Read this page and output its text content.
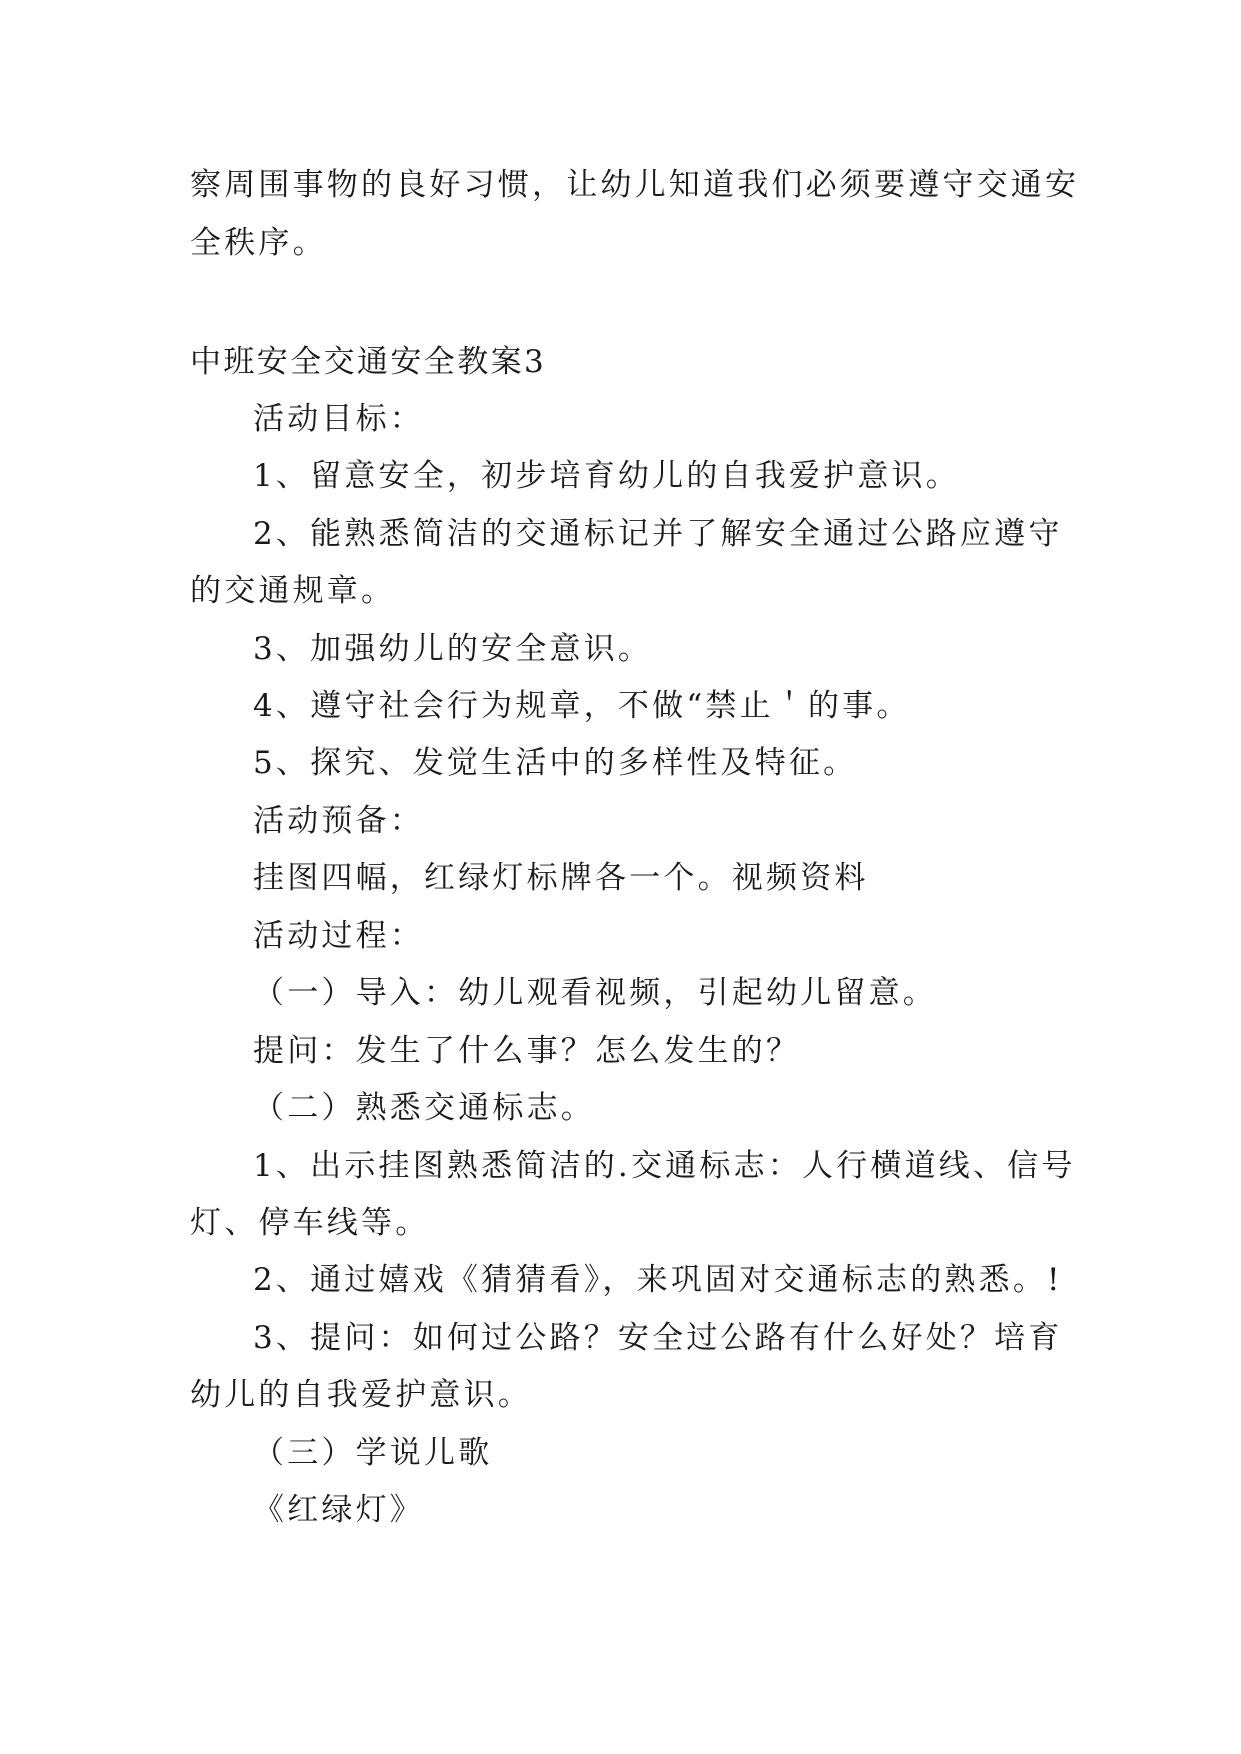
察周围事物的良好习惯，让幼儿知道我们必须要遵守交通安
全秩序。
中班安全交通安全教案3
活动目标：
1、留意安全，初步培育幼儿的自我爱护意识。
2、能熟悉简洁的交通标记并了解安全通过公路应遵守
的交通规章。
3、加强幼儿的安全意识。
4、遵守社会行为规章，不做“禁止＇的事。
5、探究、发觉生活中的多样性及特征。
活动预备：
挂图四幅，红绿灯标牌各一个。视频资料
活动过程：
（一）导入：幼儿观看视频，引起幼儿留意。
提问：发生了什么事？怎么发生的？
（二）熟悉交通标志。
1、出示挂图熟悉简洁的.交通标志：人行横道线、信号
灯、停车线等。
2、通过嬉戏《猜猜看》，来巩固对交通标志的熟悉。!
3、提问：如何过公路？安全过公路有什么好处？培育
幼儿的自我爱护意识。
（三）学说儿歌
《红绿灯》
